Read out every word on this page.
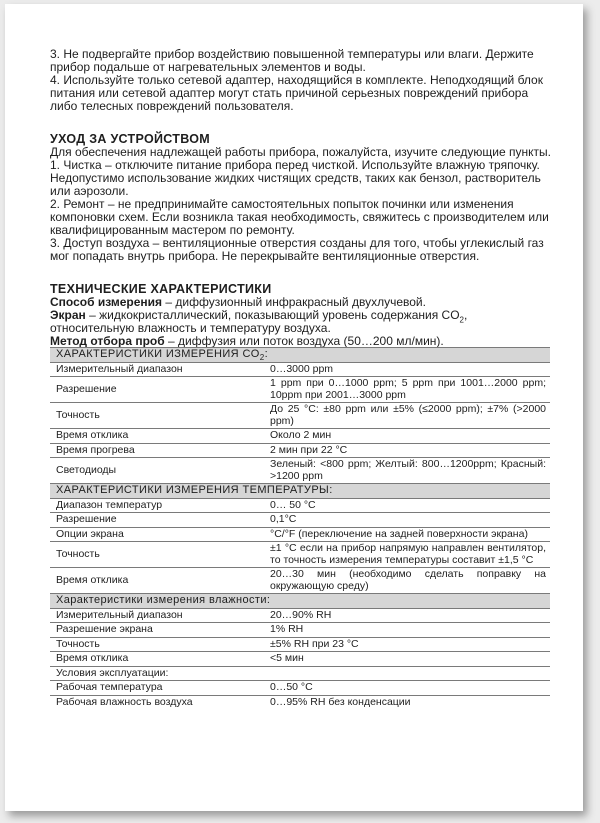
3. Не подвергайте прибор воздействию повышенной температуры или влаги. Держите прибор подальше от нагревательных элементов и воды.

4. Используйте только сетевой адаптер, находящийся в комплекте. Неподходящий блок питания или сетевой адаптер могут стать причиной серьезных повреждений прибора либо телесных повреждений пользователя.

УХОД ЗА УСТРОЙСТВОМ

Для обеспечения надлежащей работы прибора, пожалуйста, изучите следующие пункты.

1. Чистка – отключите питание прибора перед чисткой. Используйте влажную тряпочку. Недопустимо использование жидких чистящих средств, таких как бензол, растворитель или аэрозоли.

2. Ремонт – не предпринимайте самостоятельных попыток починки или изменения компоновки схем. Если возникла такая необходимость, свяжитесь с производителем или квалифицированным мастером по ремонту.

3. Доступ воздуха – вентиляционные отверстия созданы для того, чтобы углекислый газ мог попадать внутрь прибора. Не перекрывайте вентиляционные отверстия.

ТЕХНИЧЕСКИЕ ХАРАКТЕРИСТИКИ

Способ измерения – диффузионный инфракрасный двухлучевой.

Экран – жидкокристаллический, показывающий уровень содержания $CO_2$, относительную влажность и температуру воздуха.

Метод отбора проб – диффузия или поток воздуха (50…200 мл/мин).

ХАРАКТЕРИСТИКИ ИЗМЕРЕНИЯ $CO_2$:	
Измерительный диапазон	0…3000 ppm
Разрешение	1 ppm при 0…1000 ppm; 5 ppm при 1001…2000 ppm; 10ppm при 2001…3000 ppm
Точность	До 25 °С: ±80 ppm или ±5% (≤2000 ppm); ±7% (>2000 ppm)
Время отклика	Около 2 мин
Время прогрева	2 мин при 22 °С
Светодиоды	Зеленый: <800 ppm; Желтый: 800…1200ppm; Красный: >1200 ppm
ХАРАКТЕРИСТИКИ ИЗМЕРЕНИЯ ТЕМПЕРАТУРЫ:	
Диапазон температур	0… 50 °С
Разрешение	0,1°С
Опции экрана	°С/°F (переключение на задней поверхности экрана)
Точность	±1 °С если на прибор напрямую направлен вентилятор, то точность измерения температуры составит ±1,5 °С
Время отклика	20…30 мин (необходимо сделать поправку на окружающую среду)
Характеристики измерения влажности:	
Измерительный диапазон	20…90% RH
Разрешение экрана	1% RH
Точность	±5% RH при 23 °С
Время отклика	<5 мин
Условия эксплуатации:	
Рабочая температура	0…50 °С
Рабочая влажность воздуха	0…95% RH без конденсации
